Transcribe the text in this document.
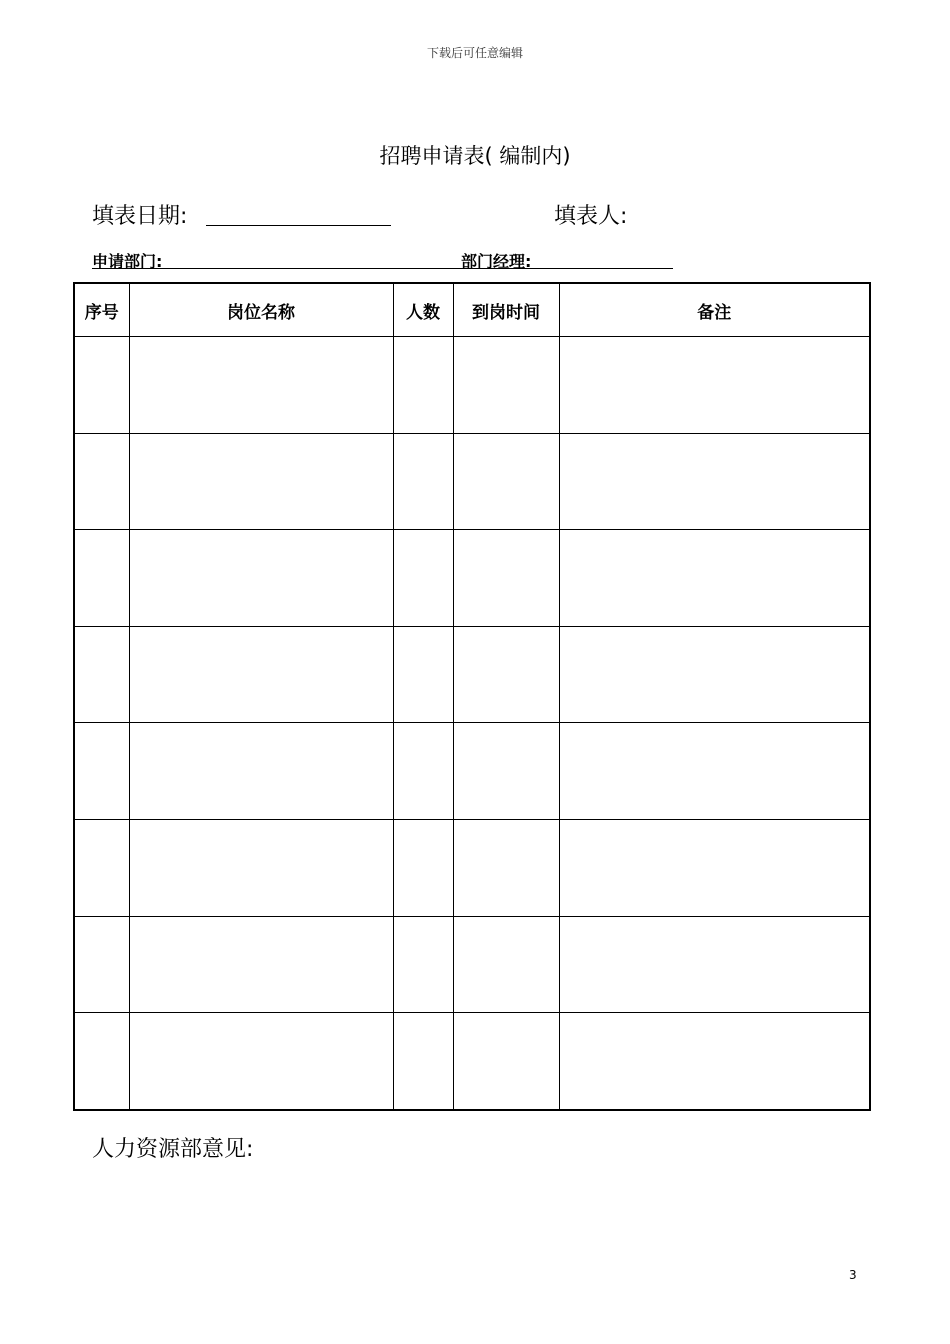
下载后可任意编辑
招聘申请表( 编制内)
填表日期:	填表人:
申请部门:	部门经理:
序号	岗位名称	人数	到岗时间	备注

人力资源部意见:
3
